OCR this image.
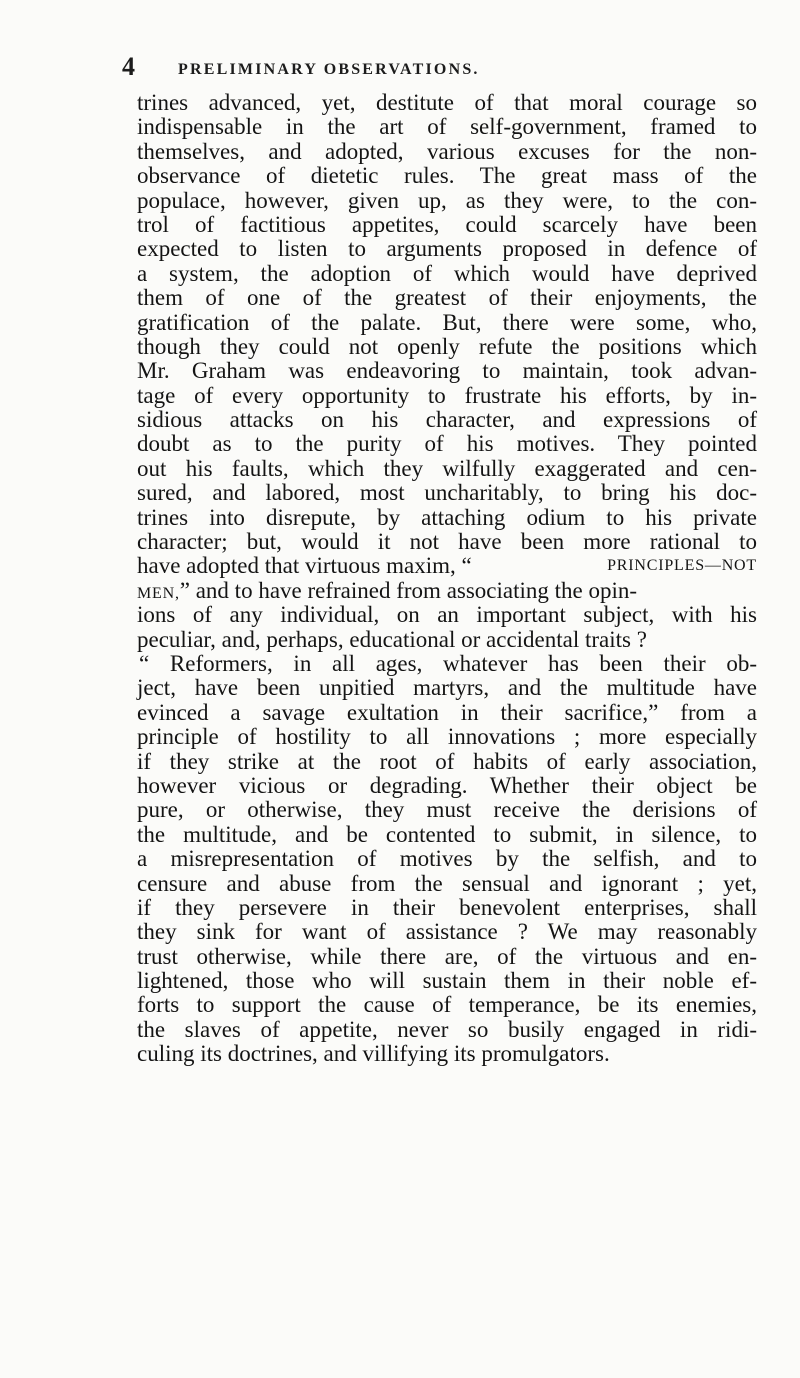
4	PRELIMINARY OBSERVATIONS.
trines advanced, yet, destitute of that moral courage so
indispensable in the art of self-government, framed to
themselves, and adopted, various excuses for the non-
observance of dietetic rules. The great mass of the
populace, however, given up, as they were, to the con-
trol of factitious appetites, could scarcely have been
expected to listen to arguments proposed in defence of
a system, the adoption of which would have deprived
them of one of the greatest of their enjoyments, the
gratification of the palate. But, there were some, who,
though they could not openly refute the positions which
Mr. Graham was endeavoring to maintain, took advan-
tage of every opportunity to frustrate his efforts, by in-
sidious attacks on his character, and expressions of
doubt as to the purity of his motives. They pointed
out his faults, which they wilfully exaggerated and cen-
sured, and labored, most uncharitably, to bring his doc-
trines into disrepute, by attaching odium to his private
character; but, would it not have been more rational to
have adopted that virtuous maxim, “	PRINCIPLES—NOT
MEN,” and to have refrained from associating the opin-
ions of any individual, on an important subject, with his
peculiar, and, perhaps, educational or accidental traits ?
“ Reformers, in all ages, whatever has been their ob-
ject, have been unpitied martyrs, and the multitude have
evinced a savage exultation in their sacrifice,” from a
principle of hostility to all innovations ; more especially
if they strike at the root of habits of early association,
however vicious or degrading. Whether their object be
pure, or otherwise, they must receive the derisions of
the multitude, and be contented to submit, in silence, to
a misrepresentation of motives by the selfish, and to
censure and abuse from the sensual and ignorant ; yet,
if they persevere in their benevolent enterprises, shall
they sink for want of assistance ? We may reasonably
trust otherwise, while there are, of the virtuous and en-
lightened, those who will sustain them in their noble ef-
forts to support the cause of temperance, be its enemies,
the slaves of appetite, never so busily engaged in ridi-
culing its doctrines, and villifying its promulgators.
